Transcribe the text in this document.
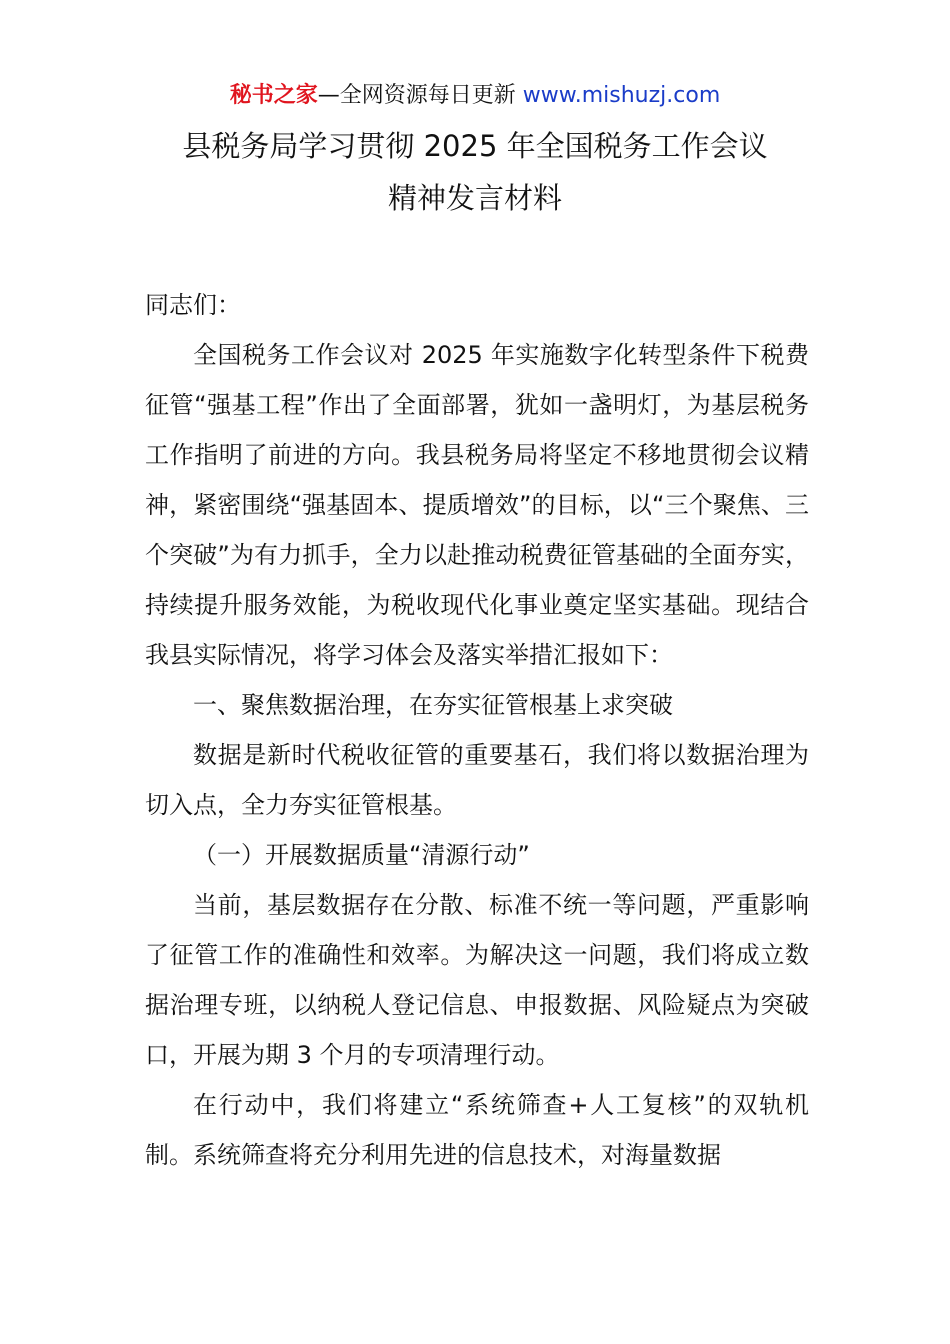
秘书之家—全网资源每日更新 www.mishuzj.com
县税务局学习贯彻 2025 年全国税务工作会议
精神发言材料

同志们：

全国税务工作会议对 2025 年实施数字化转型条件下税费征管“强基工程”作出了全面部署，犹如一盏明灯，为基层税务工作指明了前进的方向。我县税务局将坚定不移地贯彻会议精神，紧密围绕“强基固本、提质增效”的目标，以“三个聚焦、三个突破”为有力抓手，全力以赴推动税费征管基础的全面夯实，持续提升服务效能，为税收现代化事业奠定坚实基础。现结合我县实际情况，将学习体会及落实举措汇报如下：

一、聚焦数据治理，在夯实征管根基上求突破

数据是新时代税收征管的重要基石，我们将以数据治理为切入点，全力夯实征管根基。

（一）开展数据质量“清源行动”

当前，基层数据存在分散、标准不统一等问题，严重影响了征管工作的准确性和效率。为解决这一问题，我们将成立数据治理专班，以纳税人登记信息、申报数据、风险疑点为突破口，开展为期 3 个月的专项清理行动。

在行动中，我们将建立“系统筛查+人工复核”的双轨机制。系统筛查将充分利用先进的信息技术，对海量数据
